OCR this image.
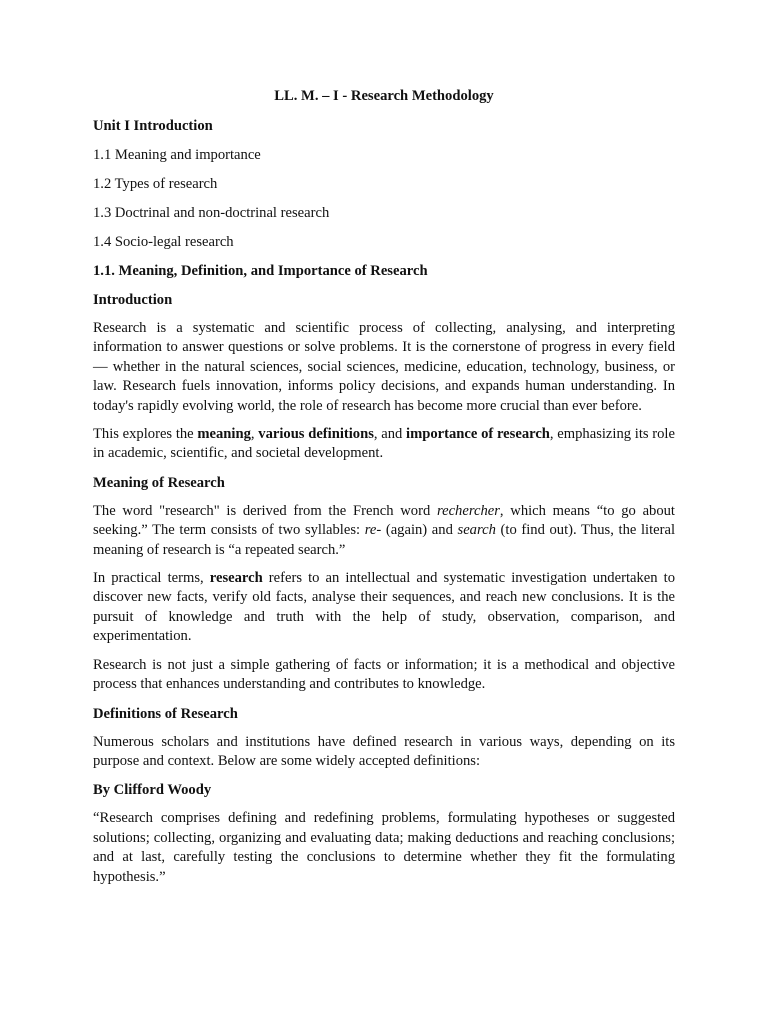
LL. M. – I - Research Methodology
Unit I Introduction
1.1 Meaning and importance
1.2 Types of research
1.3 Doctrinal and non-doctrinal research
1.4 Socio-legal research
1.1. Meaning, Definition, and Importance of Research
Introduction

Research is a systematic and scientific process of collecting, analysing, and interpreting information to answer questions or solve problems. It is the cornerstone of progress in every field — whether in the natural sciences, social sciences, medicine, education, technology, business, or law. Research fuels innovation, informs policy decisions, and expands human understanding. In today's rapidly evolving world, the role of research has become more crucial than ever before.

This explores the meaning, various definitions, and importance of research, emphasizing its role in academic, scientific, and societal development.

Meaning of Research

The word "research" is derived from the French word rechercher, which means “to go about seeking.” The term consists of two syllables: re- (again) and search (to find out). Thus, the literal meaning of research is “a repeated search.”

In practical terms, research refers to an intellectual and systematic investigation undertaken to discover new facts, verify old facts, analyse their sequences, and reach new conclusions. It is the pursuit of knowledge and truth with the help of study, observation, comparison, and experimentation.

Research is not just a simple gathering of facts or information; it is a methodical and objective process that enhances understanding and contributes to knowledge.

Definitions of Research

Numerous scholars and institutions have defined research in various ways, depending on its purpose and context. Below are some widely accepted definitions:

By Clifford Woody

“Research comprises defining and redefining problems, formulating hypotheses or suggested solutions; collecting, organizing and evaluating data; making deductions and reaching conclusions; and at last, carefully testing the conclusions to determine whether they fit the formulating hypothesis.”
